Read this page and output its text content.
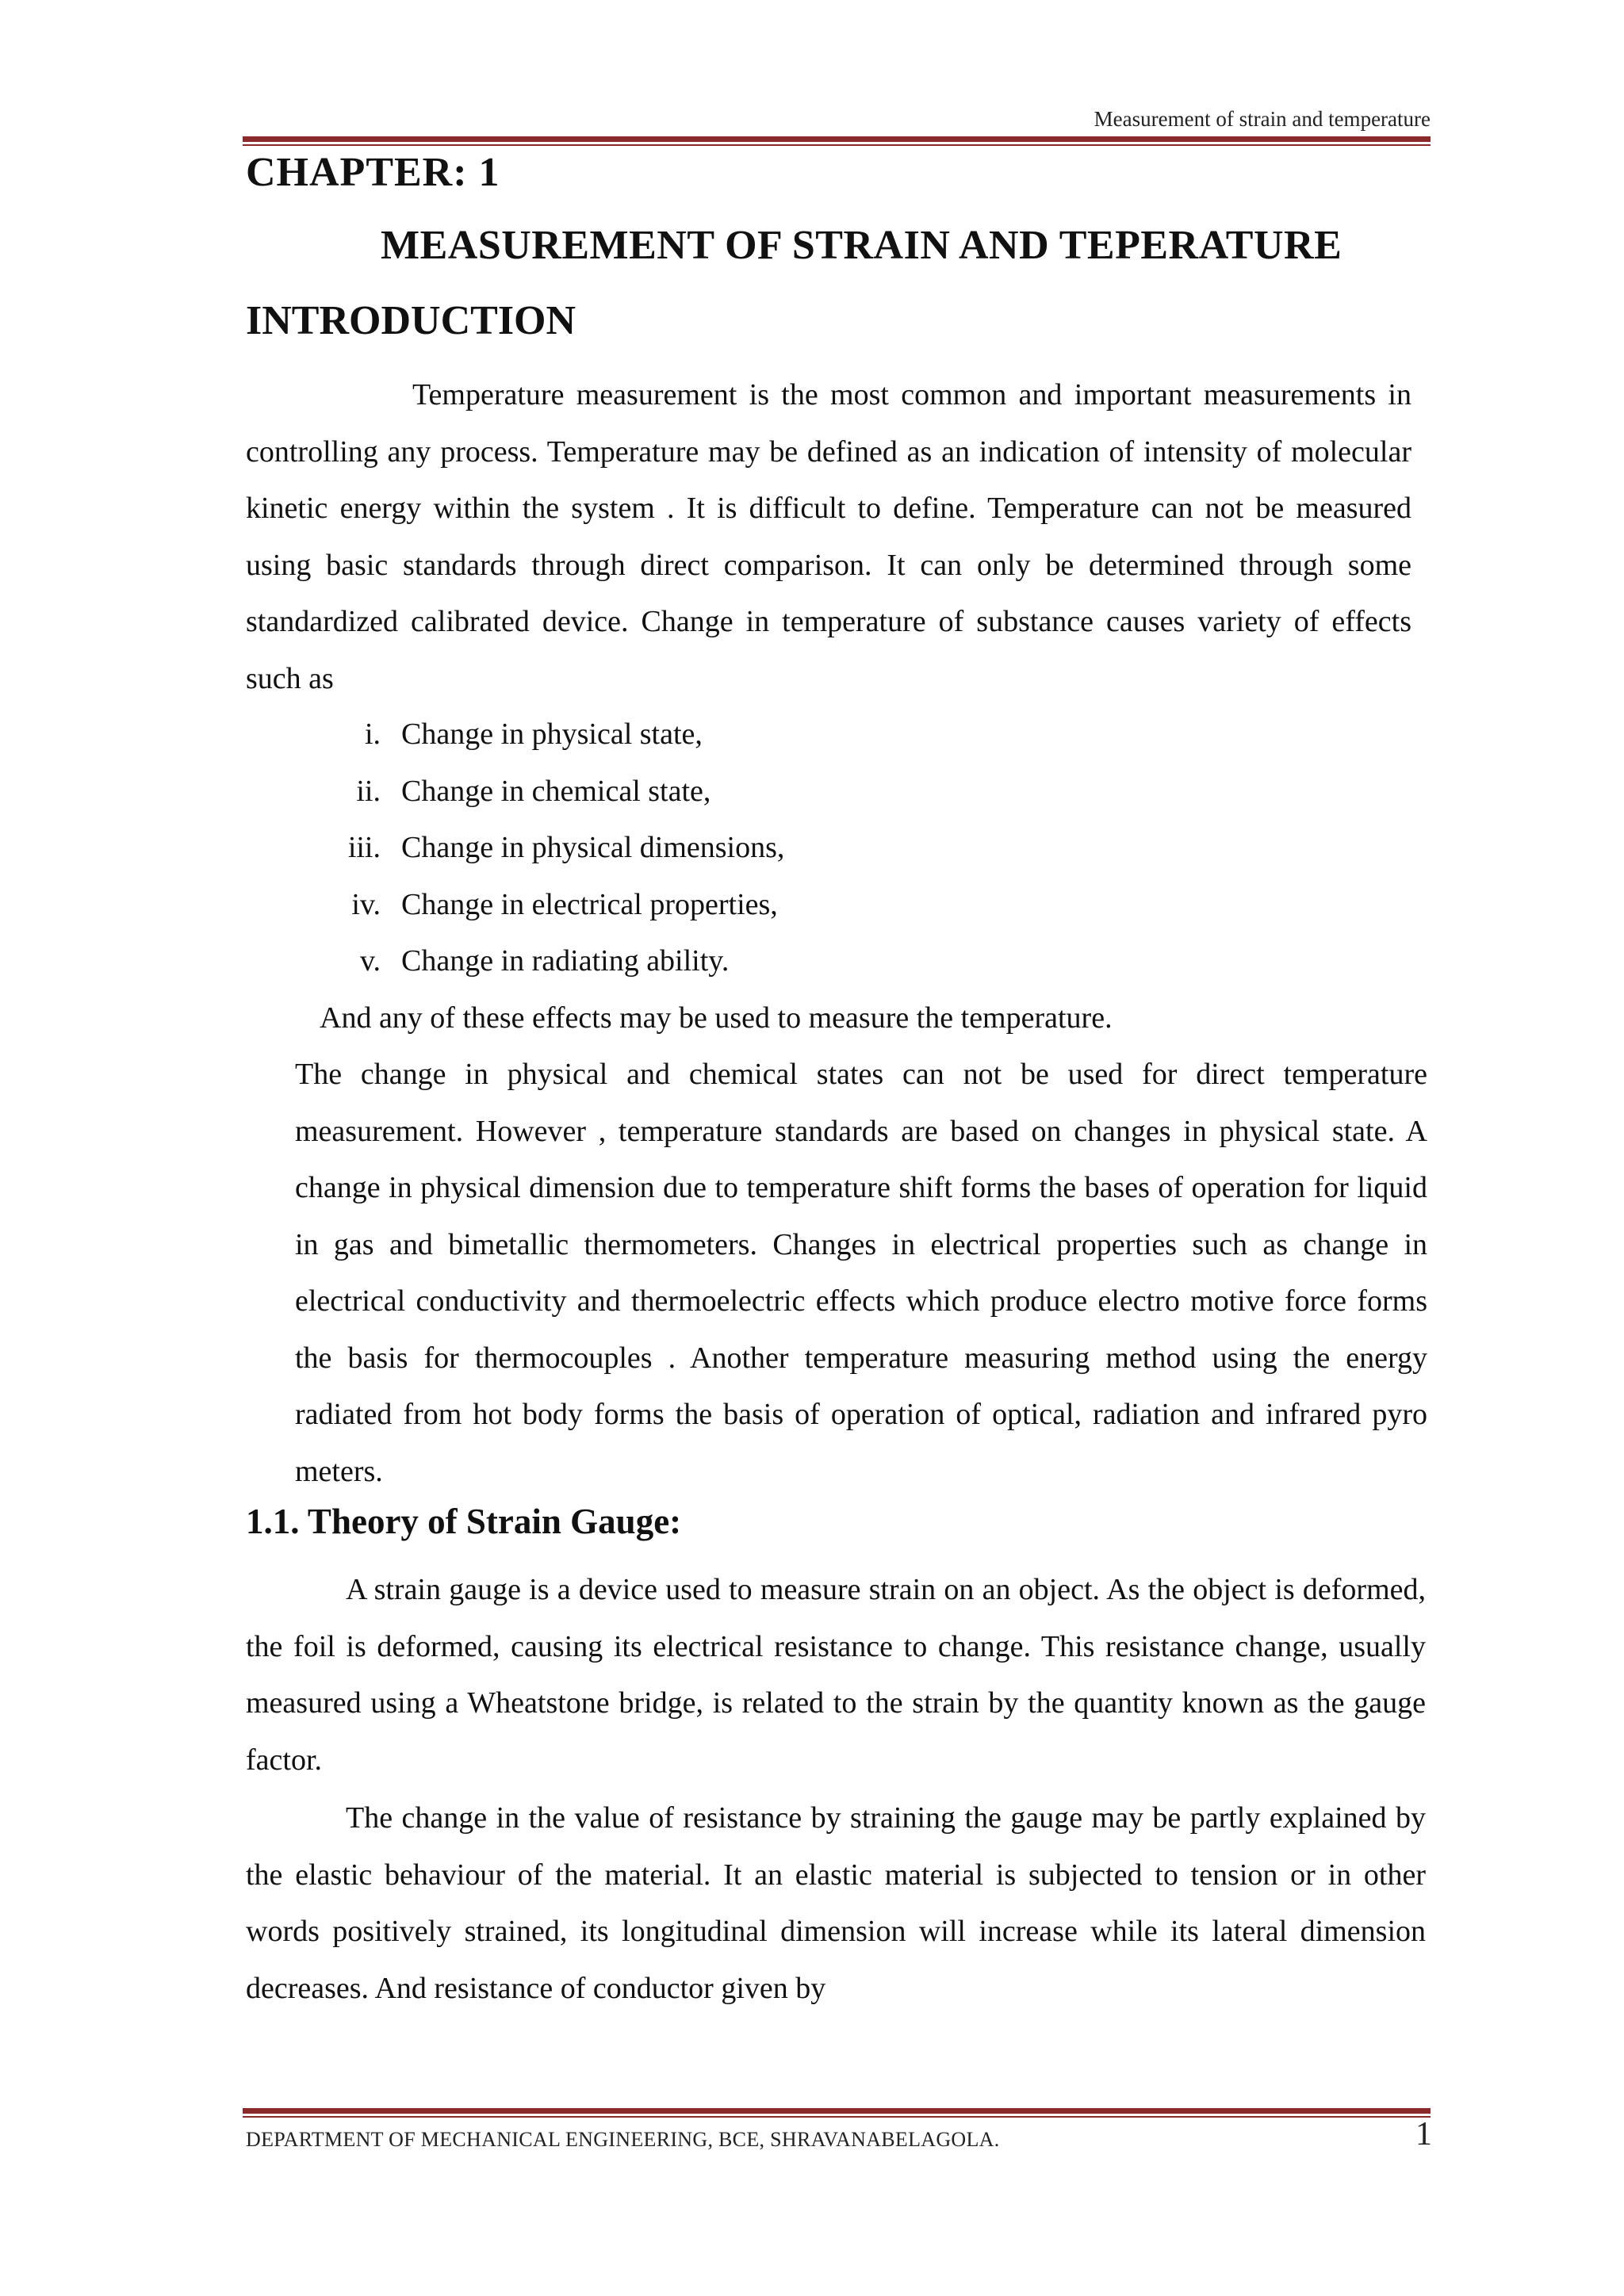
Measurement of strain and temperature
CHAPTER: 1
MEASUREMENT OF STRAIN AND TEPERATURE
INTRODUCTION

Temperature measurement is the most common and important measurements in controlling any process. Temperature may be defined as an indication of intensity of molecular kinetic energy within the system . It is difficult to define. Temperature can not be measured using basic standards through direct comparison. It can only be determined through some standardized calibrated device. Change in temperature of substance causes variety of effects such as

i. Change in physical state,
ii. Change in chemical state,
iii. Change in physical dimensions,
iv. Change in electrical properties,
v. Change in radiating ability.
And any of these effects may be used to measure the temperature.

The change in physical and chemical states can not be used for direct temperature measurement. However , temperature standards are based on changes in physical state. A change in physical dimension due to temperature shift forms the bases of operation for liquid in gas and bimetallic thermometers. Changes in electrical properties such as change in electrical conductivity and thermoelectric effects which produce electro motive force forms the basis for thermocouples . Another temperature measuring method using the energy radiated from hot body forms the basis of operation of optical, radiation and infrared pyro meters.

1.1. Theory of Strain Gauge:

A strain gauge is a device used to measure strain on an object. As the object is deformed, the foil is deformed, causing its electrical resistance to change. This resistance change, usually measured using a Wheatstone bridge, is related to the strain by the quantity known as the gauge factor.

The change in the value of resistance by straining the gauge may be partly explained by the elastic behaviour of the material. It an elastic material is subjected to tension or in other words positively strained, its longitudinal dimension will increase while its lateral dimension decreases. And resistance of conductor given by

DEPARTMENT OF MECHANICAL ENGINEERING, BCE, SHRAVANABELAGOLA.	1
